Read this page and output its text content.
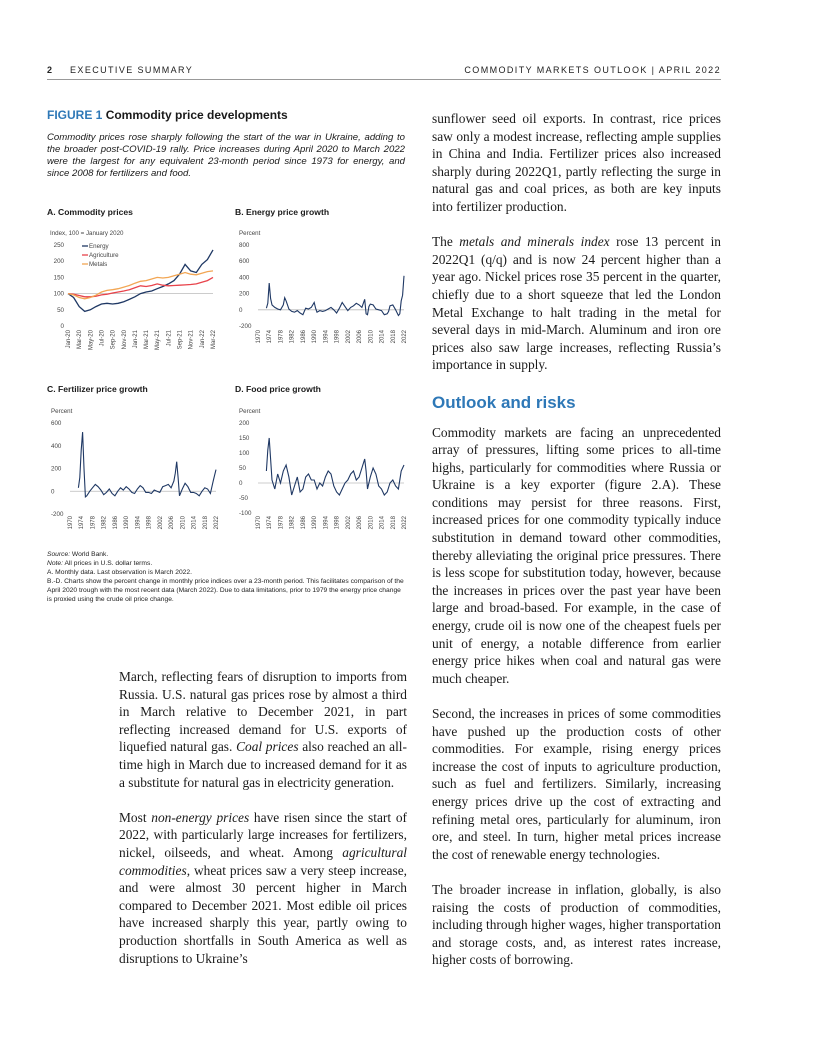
2 EXECUTIVE SUMMARY	COMMODITY MARKETS OUTLOOK | APRIL 2022
FIGURE 1 Commodity price developments
Commodity prices rose sharply following the start of the war in Ukraine, adding to the broader post-COVID-19 rally. Price increases during April 2020 to March 2022 were the largest for any equivalent 23-month period since 1973 for energy, and since 2008 for fertilizers and food.
A. Commodity prices	B. Energy price growth
C. Fertilizer price growth	D. Food price growth
Index, 100 = January 2020
250
200
150
100
50
0
Jan-20 Mar-20 May-20 Jul-20 Sep-20 Nov-20 Jan-21 Mar-21 May-21 Jul-21 Sep-21 Nov-21 Jan-22 Mar-22
Energy
Agriculture
Metals
Percent
800
600
400
200
0
-200
1970 1974 1978 1982 1986 1990 1994 1998 2002 2006 2010 2014 2018 2022
Percent
600
400
200
0
-200
1970 1974 1978 1982 1986 1990 1994 1998 2002 2006 2010 2014 2018 2022
Percent
200
150
100
50
0
-50
-100
1970 1974 1978 1982 1986 1990 1994 1998 2002 2006 2010 2014 2018 2022

Source: World Bank.

Note: All prices in U.S. dollar terms.

A. Monthly data. Last observation is March 2022.

B.-D. Charts show the percent change in monthly price indices over a 23-month period. This facilitates comparison of the April 2020 trough with the most recent data (March 2022). Due to data limitations, prior to 1979 the energy price change is proxied using the crude oil price change.

March, reflecting fears of disruption to imports from Russia. U.S. natural gas prices rose by almost a third in March relative to December 2021, in part reflecting increased demand for U.S. exports of liquefied natural gas. Coal prices also reached an all-time high in March due to increased demand for it as a substitute for natural gas in electricity generation.

Most non-energy prices have risen since the start of 2022, with particularly large increases for fertilizers, nickel, oilseeds, and wheat. Among agricultural commodities, wheat prices saw a very steep increase, and were almost 30 percent higher in March compared to December 2021. Most edible oil prices have increased sharply this year, partly owing to production shortfalls in South America as well as disruptions to Ukraine’s

sunflower seed oil exports. In contrast, rice prices saw only a modest increase, reflecting ample supplies in China and India. Fertilizer prices also increased sharply during 2022Q1, partly reflecting the surge in natural gas and coal prices, as both are key inputs into fertilizer production.

The metals and minerals index rose 13 percent in 2022Q1 (q/q) and is now 24 percent higher than a year ago. Nickel prices rose 35 percent in the quarter, chiefly due to a short squeeze that led the London Metal Exchange to halt trading in the metal for several days in mid-March. Aluminum and iron ore prices also saw large increases, reflecting Russia’s importance in supply.

Outlook and risks

Commodity markets are facing an unprecedented array of pressures, lifting some prices to all-time highs, particularly for commodities where Russia or Ukraine is a key exporter (figure 2.A). These conditions may persist for three reasons. First, increased prices for one commodity typically induce substitution in demand toward other commodities, thereby alleviating the original price pressures. There is less scope for substitution today, however, because the increases in prices over the past year have been large and broad-based. For example, in the case of energy, crude oil is now one of the cheapest fuels per unit of energy, a notable difference from earlier energy price hikes when coal and natural gas were much cheaper.

Second, the increases in prices of some commodities have pushed up the production costs of other commodities. For example, rising energy prices increase the cost of inputs to agriculture production, such as fuel and fertilizers. Similarly, increasing energy prices drive up the cost of extracting and refining metal ores, particularly for aluminum, iron ore, and steel. In turn, higher metal prices increase the cost of renewable energy technologies.

The broader increase in inflation, globally, is also raising the costs of production of commodities, including through higher wages, higher transportation and storage costs, and, as interest rates increase, higher costs of borrowing.
